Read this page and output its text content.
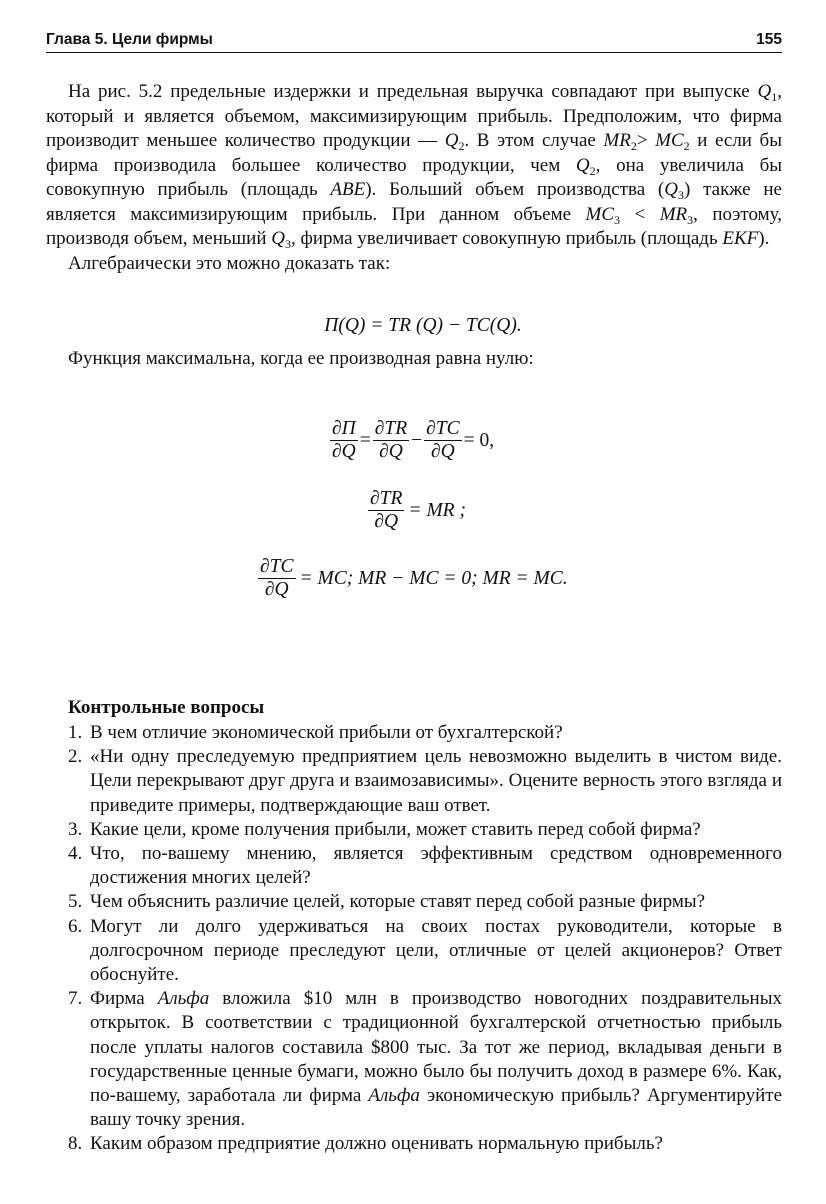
Глава 5. Цели фирмы	155

На рис. 5.2 предельные издержки и предельная выручка совпадают при выпуске $Q_1$, который и является объемом, максимизирующим прибыль. Предположим, что фирма производит меньшее количество продукции — $Q_2$. В этом случае $MR_2> MC_2$ и если бы фирма производила большее количество продукции, чем $Q_2$, она увеличила бы совокупную прибыль (площадь ABE). Больший объем производства $(Q_3)$ также не является максимизирующим прибыль. При данном объеме $MC_3 < MR_3$, поэтому, производя объем, меньший $Q_3$, фирма увеличивает совокупную прибыль (площадь EKF).

Алгебраически это можно доказать так:

П(Q) = TR (Q) − TC(Q).
Функция максимальна, когда ее производная равна нулю:
$\frac{\partial П}{\partial Q} = \frac{\partial TR}{\partial Q} - \frac{\partial TC}{\partial Q} = 0$,
$\frac{\partial TR}{\partial Q}$ = MR ;
$\frac{\partial TC}{\partial Q}$ = MC; MR − MC = 0; MR = MC.
Контрольные вопросы
1. В чем отличие экономической прибыли от бухгалтерской?
2. «Ни одну преследуемую предприятием цель невозможно выделить в чистом виде. Цели перекрывают друг друга и взаимозависимы». Оцените верность этого взгляда и приведите примеры, подтверждающие ваш ответ.
3. Какие цели, кроме получения прибыли, может ставить перед собой фирма?
4. Что, по-вашему мнению, является эффективным средством одновременного достижения многих целей?
5. Чем объяснить различие целей, которые ставят перед собой разные фирмы?
6. Могут ли долго удерживаться на своих постах руководители, которые в долгосрочном периоде преследуют цели, отличные от целей акционеров? Ответ обоснуйте.
7. Фирма Альфа вложила $10 млн в производство новогодних поздравительных открыток. В соответствии с традиционной бухгалтерской отчетностью прибыль после уплаты налогов составила $800 тыс. За тот же период, вкладывая деньги в государственные ценные бумаги, можно было бы получить доход в размере 6%. Как, по-вашему, заработала ли фирма Альфа экономическую прибыль? Аргументируйте вашу точку зрения.
8. Каким образом предприятие должно оценивать нормальную прибыль?
